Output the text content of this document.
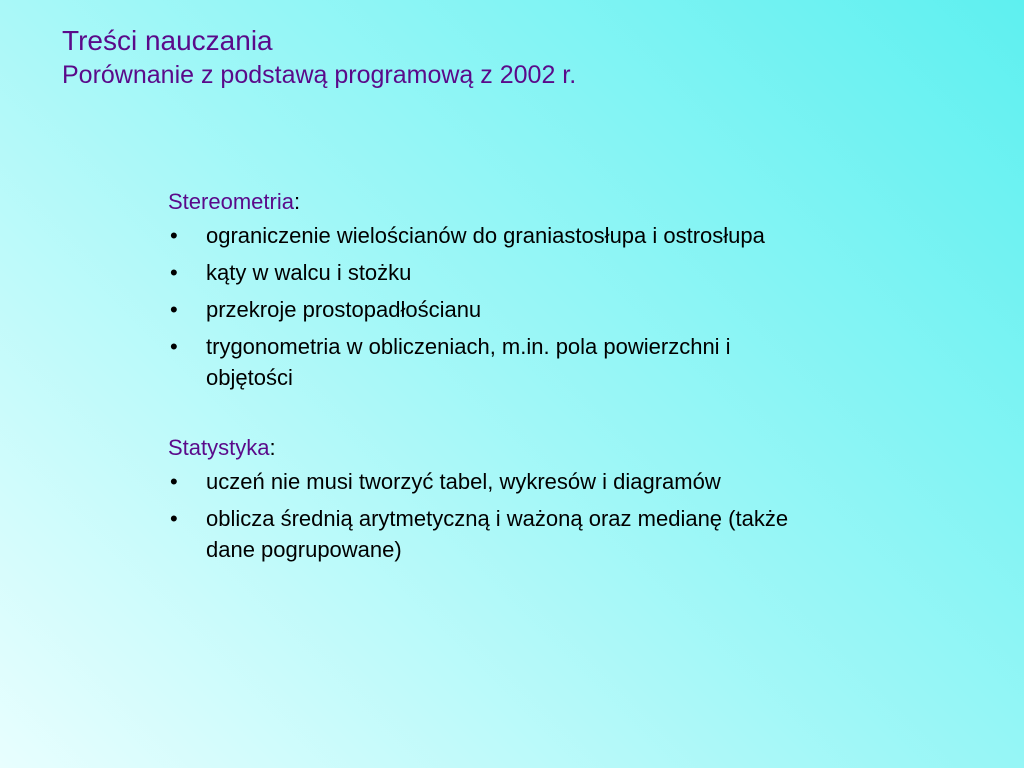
Treści nauczania
Porównanie z podstawą programową z 2002 r.
Stereometria:
• ograniczenie wielościanów do graniastosłupa i ostrosłupa
• kąty w walcu i stożku
• przekroje prostopadłościanu
• trygonometria w obliczeniach, m.in. pola powierzchni i objętości
Statystyka:
• uczeń nie musi tworzyć tabel, wykresów i diagramów
• oblicza średnią arytmetyczną i ważoną oraz medianę (także dane pogrupowane)
